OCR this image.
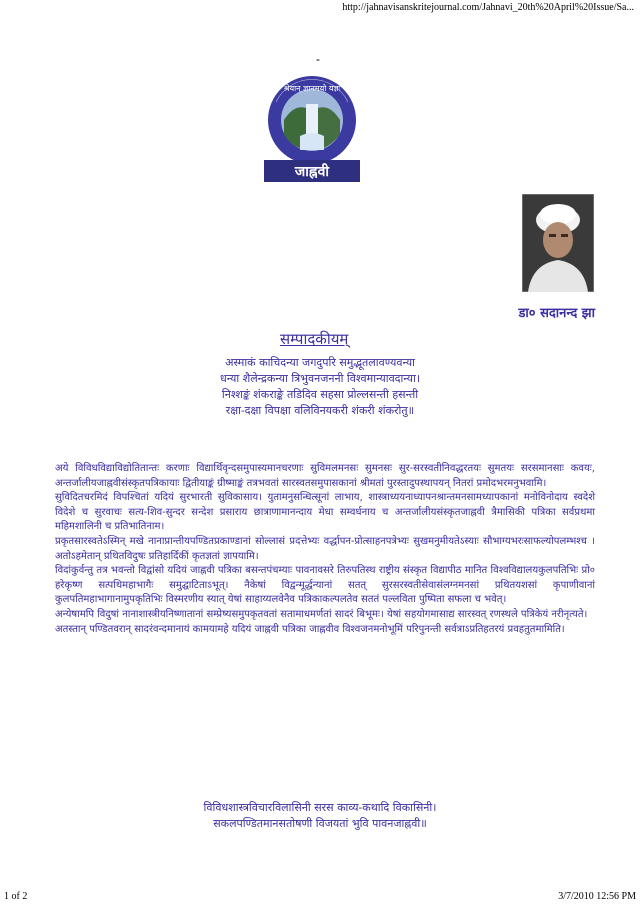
http://jahnavisanskritejournal.com/Jahnavi_20th%20April%20Issue/Sa...
-
श्रेयान् ज्ञानमयो यज्ञः
जाह्नवी
डा० सदानन्द झा
सम्पादकीयम्
अस्माकं काचिदन्या जगदुपरि समुद्भूतलावण्यवन्या
धन्या शैलेन्द्रकन्या त्रिभुवनजननी विश्वमान्यावदान्या।
निश्शङ्कं शंकराङ्के तडिदिव सहसा प्रोल्लसन्ती हसन्ती
रक्षा-दक्षा विपक्षा वलिविनयकरी शंकरी शंकरोतु॥

अये विविधविद्याविद्योतितान्तः करणाः विद्यार्थिवृन्दसमुपास्यमानचरणाः सुविमलमनसः सुमनसः सुर-सरस्वतीनिवद्धरतयः सुमतयः सरसमानसाः कवयः, अन्तर्जालीयजाह्नवीसंस्कृतपत्रिकायाः द्वितीयाङ्कं ग्रीष्माङ्कं तत्रभवतां सारस्वतसमुपासकानां श्रीमतां पुरस्तादुपस्थापयन् नितरां प्रमोदभरमनुभवामि।

सुविदितचरमिदं विपश्चितां यदियं सुरभारती सुविकासाय। युतामनुसन्धित्सूनां लाभाय, शास्त्राध्ययनाध्यापनश्रान्तमनसामध्यापकानां मनोविनोदाय स्वदेशे विदेशे च सुरवाचः सत्य-शिव-सुन्दर सन्देश प्रसाराय छात्राणामानन्दाय मेधा सम्वर्धनाय च अन्तर्जालीयसंस्कृतजाह्नवी त्रैमासिकी पत्रिका सर्वप्रथमा महिमशालिनी च प्रतिभातिनाम।

प्रकृतसारस्वतेऽस्मिन् मखे नानाप्रान्तीयपण्डितप्रकाण्डानां सोल्लासं प्रदत्तेभ्यः वर्द्धापन-प्रोत्साहनपत्रेभ्यः सुखमनुमीयतेऽस्याः सौभाग्यभरःसाफल्योपलम्भश्च । अतोऽहमेतान् प्रथितविदुषः प्रतिहार्दिकीं कृतज्ञतां ज्ञापयामि।

विदांकुर्वन्तु तत्र भवन्तो विद्वांसो यदियं जाह्नवी पत्रिका बसन्तपंचम्याः पावनावसरे तिरुपतिस्थ राष्ट्रीय संस्कृत विद्यापीठ मानित विश्वविद्यालयकुलपतिभिः प्रो० हरेकृष्ण सत्पथिमहाभागैः समुद्घाटिताऽभूत्। नैकेषां विद्वन्मूर्द्धन्यानां सतत् सुरसरस्वतीसेवासंलग्नमनसां प्रथितयशसां कृपाणीवानां कुलपतिमहाभागानामुपकृतिभिः विस्मरणीय स्यात् येषां साहाय्यलवेनैव पत्रिकाकल्पलतेव सततं पल्लविता पुष्पिता सफला च भवेत्।

अन्येषामपि विदुषां नानाशास्त्रीयनिष्णातानां सम्प्रेष्यसमुपकृतवतां सतामाधमर्णतां सादरं बिभूमः। येषां सहयोगमासाद्य सारस्वत् रणस्थले पत्रिकेयं नरीनृत्यते।

अतस्तान् पण्डितवरान् सादरंवन्दमानायं कामयामहे यदियं जाह्नवी पत्रिका जाह्नवीव विश्वजनमनोभूमिं परिपुनन्ती सर्वत्राऽप्रतिहतरयं प्रवहतुतमामिति।

विविधशास्त्रविचारविलासिनी सरस काव्य-कथादि विकासिनी।
सकलपण्डितमानसतोषणी विजयतां भुवि पावनजाह्नवी॥
1 of 2	3/7/2010 12:56 PM
